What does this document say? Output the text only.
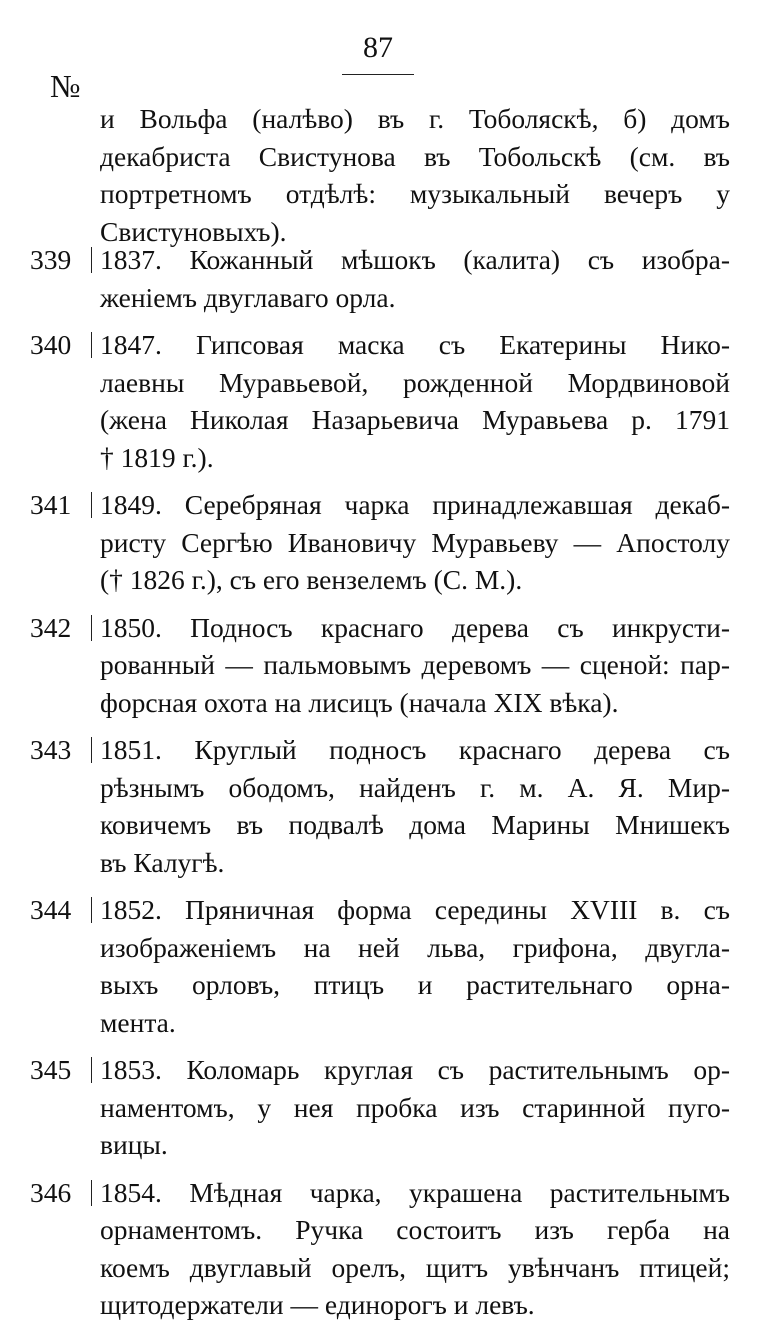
87
№
и Вольфа (налѣво) въ г. Тоболяскѣ, б) домъ
декабриста Свистунова въ Тобольскѣ (см. въ
портретномъ отдѣлѣ: музыкальный вечеръ у
Свистуновыхъ).
339	1837. Кожанный мѣшокъ (калита) съ изобра-
женіемъ двуглаваго орла.
340	1847. Гипсовая маска съ Екатерины Нико-
лаевны Муравьевой, рожденной Мордвиновой
(жена Николая Назарьевича Муравьева р. 1791
† 1819 г.).
341	1849. Серебряная чарка принадлежавшая декаб-
ристу Сергѣю Ивановичу Муравьеву — Апостолу
(† 1826 г.), съ его вензелемъ (С. М.).
342	1850. Подносъ краснаго дерева съ инкрусти-
рованный — пальмовымъ деревомъ — сценой: пар-
форсная охота на лисицъ (начала XIX вѣка).
343	1851. Круглый подносъ краснаго дерева съ
рѣзнымъ ободомъ, найденъ г. м. А. Я. Мир-
ковичемъ въ подвалѣ дома Марины Мнишекъ
въ Калугѣ.
344	1852. Пряничная форма середины XVIII в. съ
изображеніемъ на ней льва, грифона, двугла-
выхъ орловъ, птицъ и растительнаго орна-
мента.
345	1853. Коломарь круглая съ растительнымъ ор-
наментомъ, у нея пробка изъ старинной пуго-
вицы.
346	1854. Мѣдная чарка, украшена растительнымъ
орнаментомъ. Ручка состоитъ изъ герба на
коемъ двуглавый орелъ, щитъ увѣнчанъ птицей;
щитодержатели — единорогъ и левъ.
